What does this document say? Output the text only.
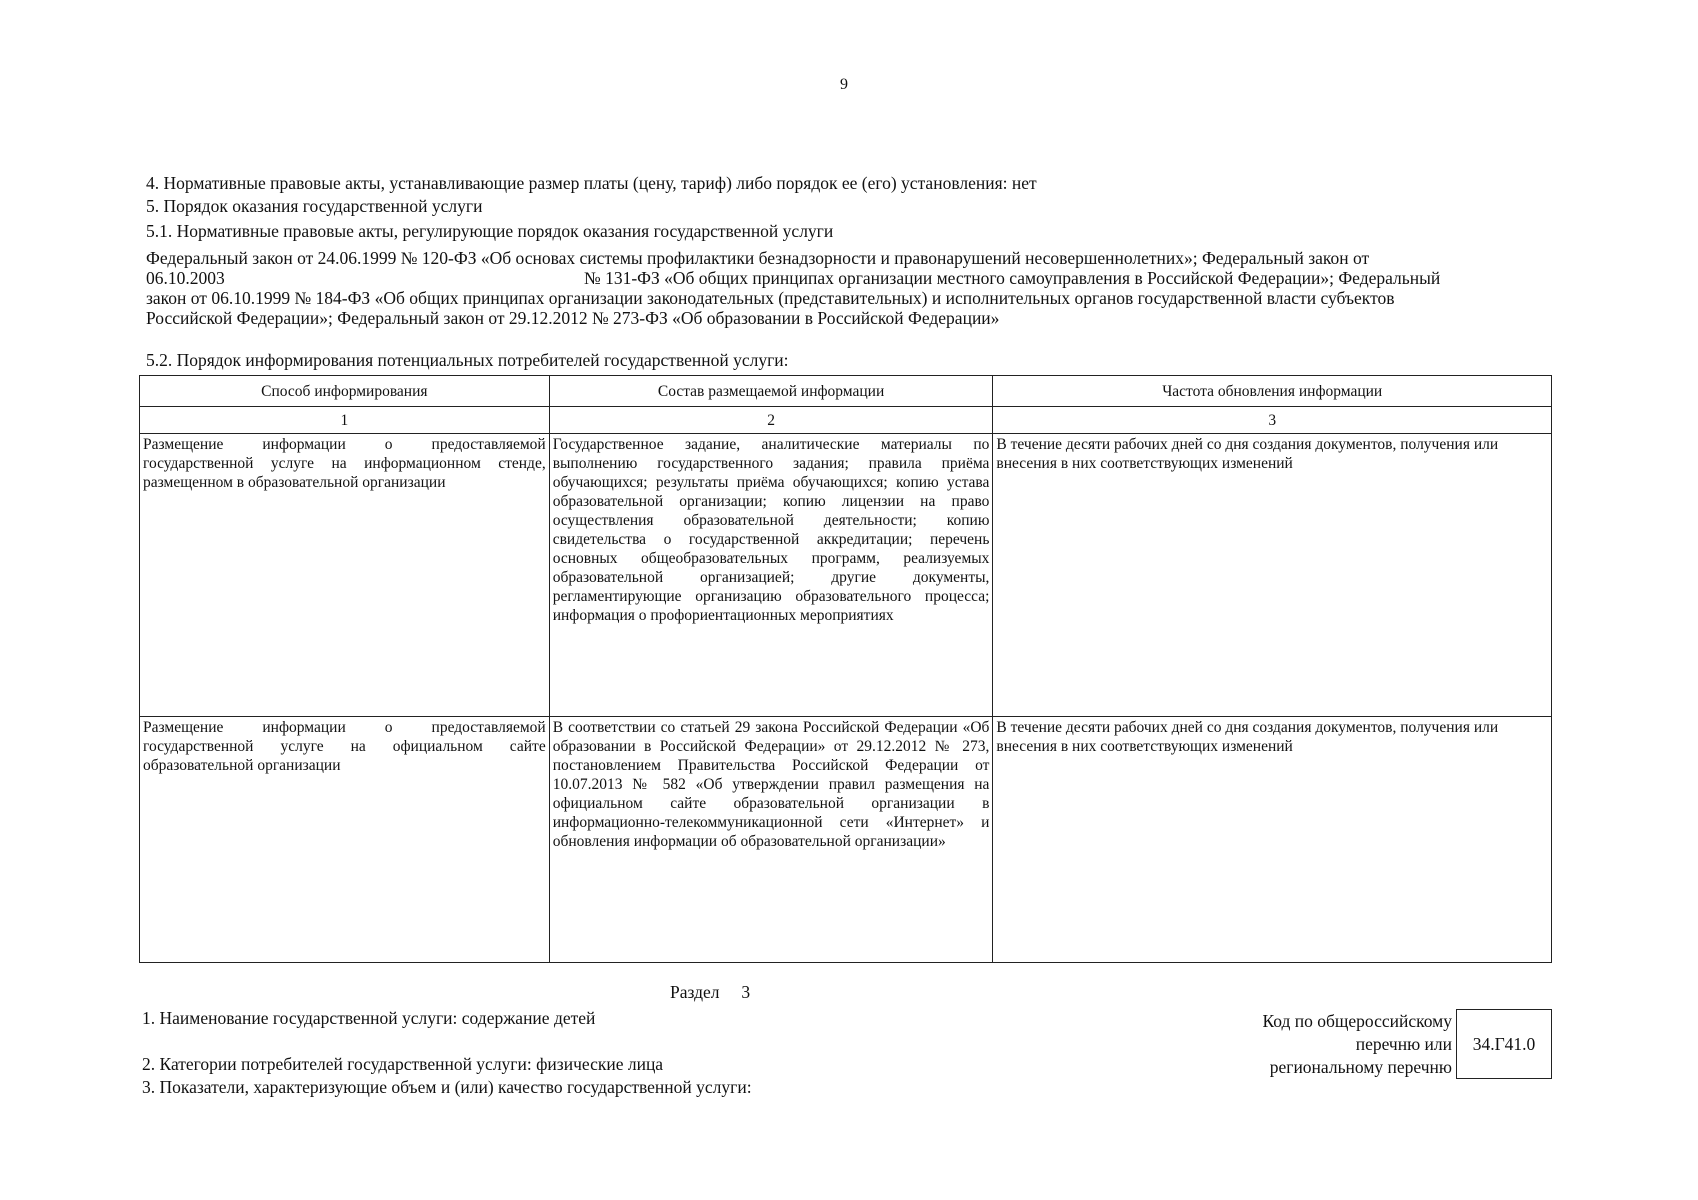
9
4. Нормативные правовые акты, устанавливающие размер платы (цену, тариф) либо порядок ее (его) установления: нет
5. Порядок оказания государственной услуги
5.1. Нормативные правовые акты, регулирующие порядок оказания государственной услуги

Федеральный закон от 24.06.1999 № 120-ФЗ «Об основах системы профилактики безнадзорности и правонарушений несовершеннолетних»; Федеральный закон от

06.10.2003	№ 131-ФЗ «Об общих принципах организации местного самоуправления в Российской Федерации»; Федеральный

закон от 06.10.1999 № 184-ФЗ «Об общих принципах организации законодательных (представительных) и исполнительных органов государственной власти субъектов

Российской Федерации»; Федеральный закон от 29.12.2012 № 273-ФЗ «Об образовании в Российской Федерации»

5.2. Порядок информирования потенциальных потребителей государственной услуги:
Способ информирования	Состав размещаемой информации	Частота обновления информации
1	2	3
Размещение информации о предоставляемой государственной услуге на информационном стенде, размещенном в образовательной организации	Государственное задание, аналитические материалы по выполнению государственного задания; правила приёма обучающихся; результаты приёма обучающихся; копию устава образовательной организации; копию лицензии на право осуществления образовательной деятельности; копию свидетельства о государственной аккредитации; перечень основных общеобразовательных программ, реализуемых образовательной организацией; другие документы, регламентирующие организацию образовательного процесса; информация о профориентационных мероприятиях	В течение десяти рабочих дней со дня создания документов, получения или внесения в них соответствующих изменений
Размещение информации о предоставляемой государственной услуге на официальном сайте образовательной организации	В соответствии со статьей 29 закона Российской Федерации «Об образовании в Российской Федерации» от 29.12.2012 № 273, постановлением Правительства Российской Федерации от 10.07.2013 № 582 «Об утверждении правил размещения на официальном сайте образовательной организации в информационно-телекоммуникационной сети «Интернет» и обновления информации об образовательной организации»	В течение десяти рабочих дней со дня создания документов, получения или внесения в них соответствующих изменений
Раздел 3
1. Наименование государственной услуги: содержание детей
2. Категории потребителей государственной услуги: физические лица
3. Показатели, характеризующие объем и (или) качество государственной услуги:
Код по общероссийскому
перечню или
региональному перечню
34.Г41.0
